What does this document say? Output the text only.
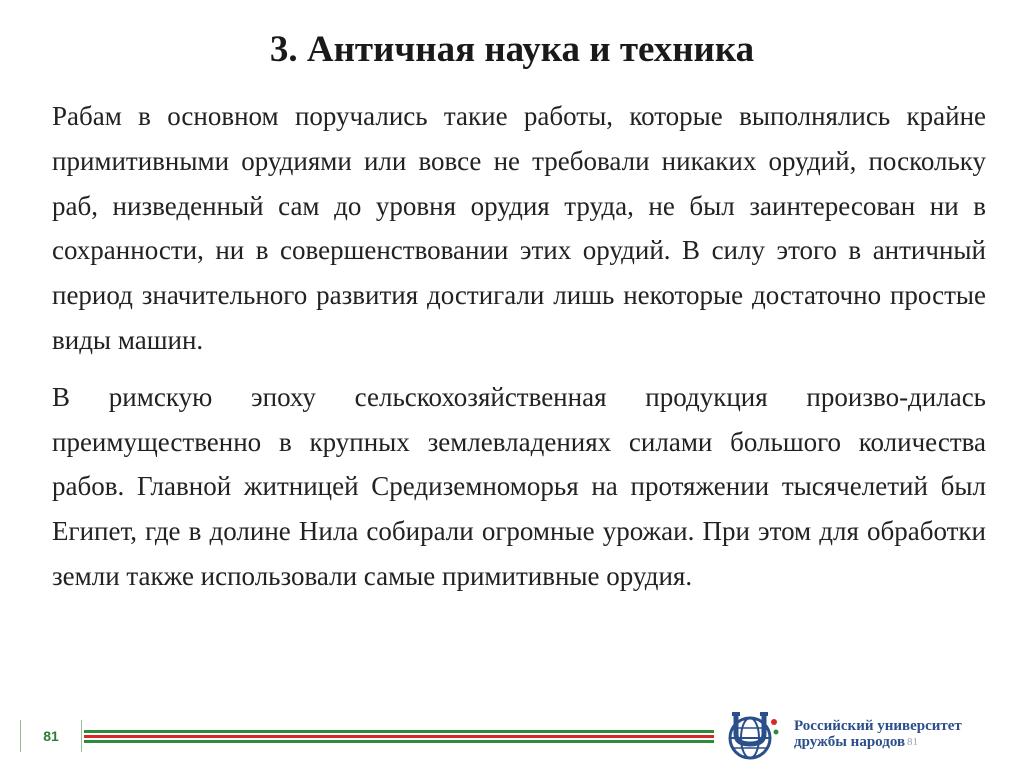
3. Античная наука и техника

Рабам в основном поручались такие работы, которые выполнялись крайне примитивными орудиями или вовсе не требовали никаких орудий, поскольку раб, низведенный сам до уровня орудия труда, не был заинтересован ни в сохранности, ни в совершенствовании этих орудий. В силу этого в античный период значительного развития достигали лишь некоторые достаточно простые виды машин.

В римскую эпоху сельскохозяйственная продукция произво-дилась преимущественно в крупных землевладениях силами большого количества рабов. Главной житницей Средиземноморья на протяжении тысячелетий был Египет, где в долине Нила собирали огромные урожаи. При этом для обработки земли также использовали самые примитивные орудия.

81
Российский университет
дружбы народов $^{81}$
